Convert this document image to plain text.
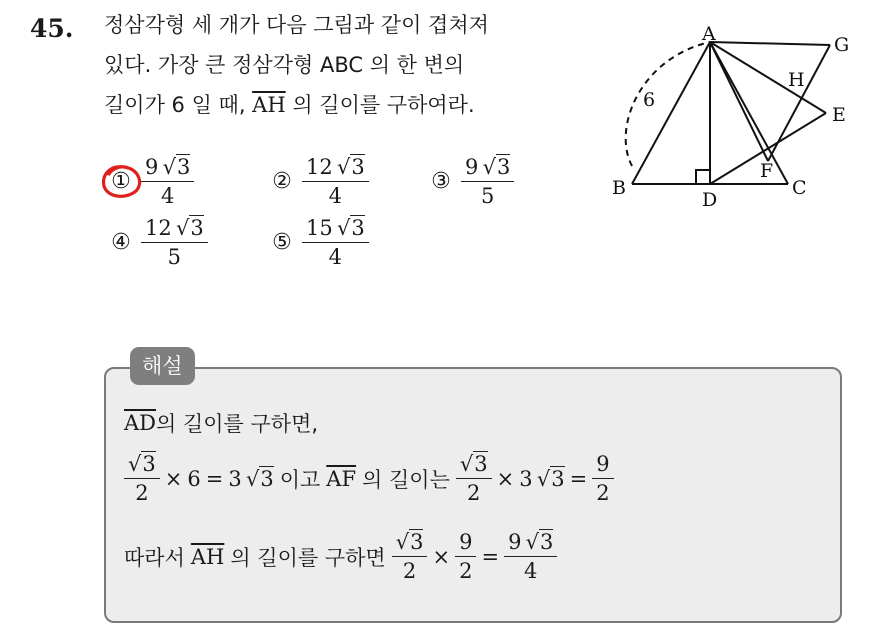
45. 정삼각형 세 개가 다음 그림과 같이 겹쳐져
있다. 가장 큰 정삼각형 ABC 의 한 변의
길이가 6 일 때, $\overline{AH}$ 의 길이를 구하여라.
① $\frac{9 √3}{4}$	② $\frac{12 √3}{4}$	③ $\frac{9 √3}{5}$
④ $\frac{12 √3}{5}$	⑤ $\frac{15 √3}{4}$
A
B	C
D
E
F
G
H
6
해설
$\overline{AD}$ 의 길이를 구하면,
$\frac{√3}{2} \times 6 = 3$
  √3 이고 $\overline{AF}$ 의 길이는 $\frac{√3}{2} \times 3$
  $√3 = \frac{9}{2}$
따라서 $\overline{AH}$ 의 길이를 구하면 $\frac{√3}{2} \times \frac{9}{2} = \frac{9 √3}{4}$
